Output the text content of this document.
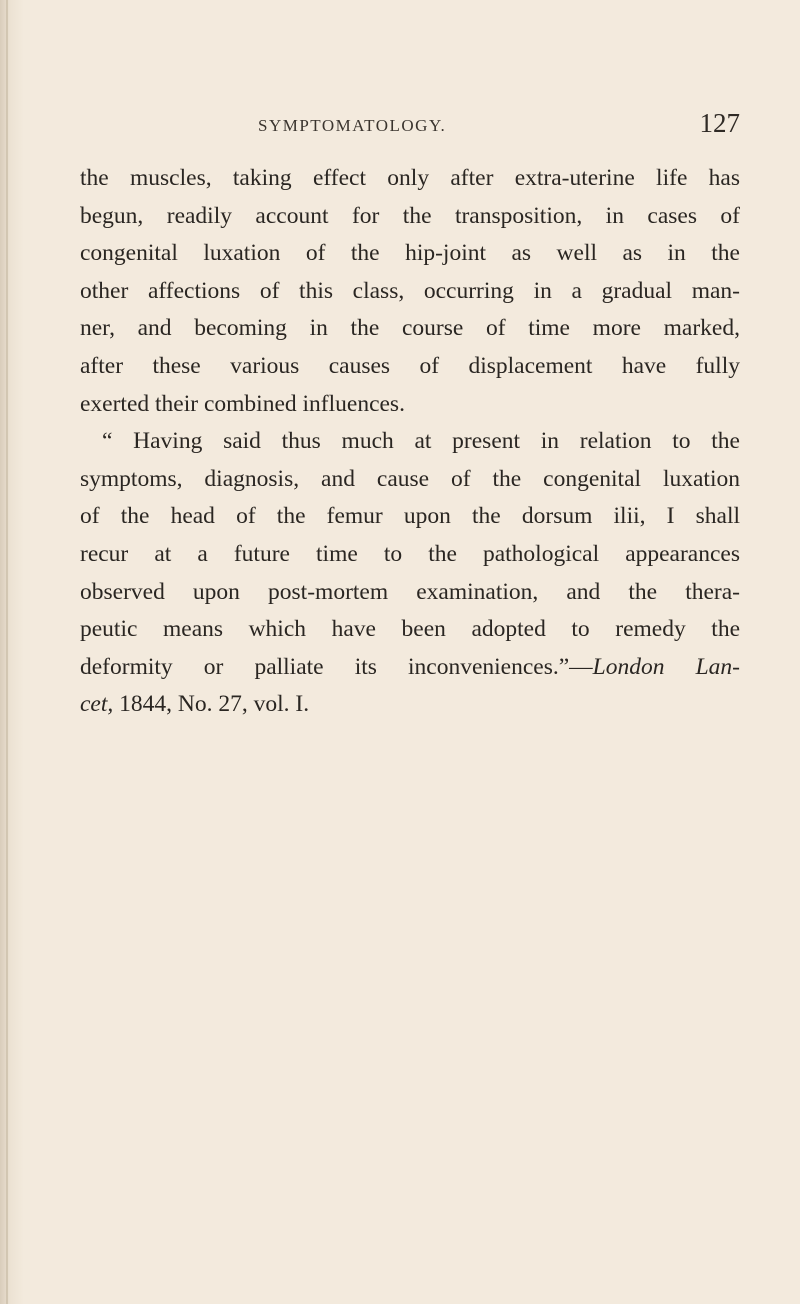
SYMPTOMATOLOGY.	127
the muscles, taking effect only after extra-uterine life has
begun, readily account for the transposition, in cases of
congenital luxation of the hip-joint as well as in the
other affections of this class, occurring in a gradual man-
ner, and becoming in the course of time more marked,
after these various causes of displacement have fully
exerted their combined influences.
“ Having said thus much at present in relation to the
symptoms, diagnosis, and cause of the congenital luxation
of the head of the femur upon the dorsum ilii, I shall
recur at a future time to the pathological appearances
observed upon post-mortem examination, and the thera-
peutic means which have been adopted to remedy the
deformity or palliate its inconveniences.”—London Lan-
cet, 1844, No. 27, vol. I.
